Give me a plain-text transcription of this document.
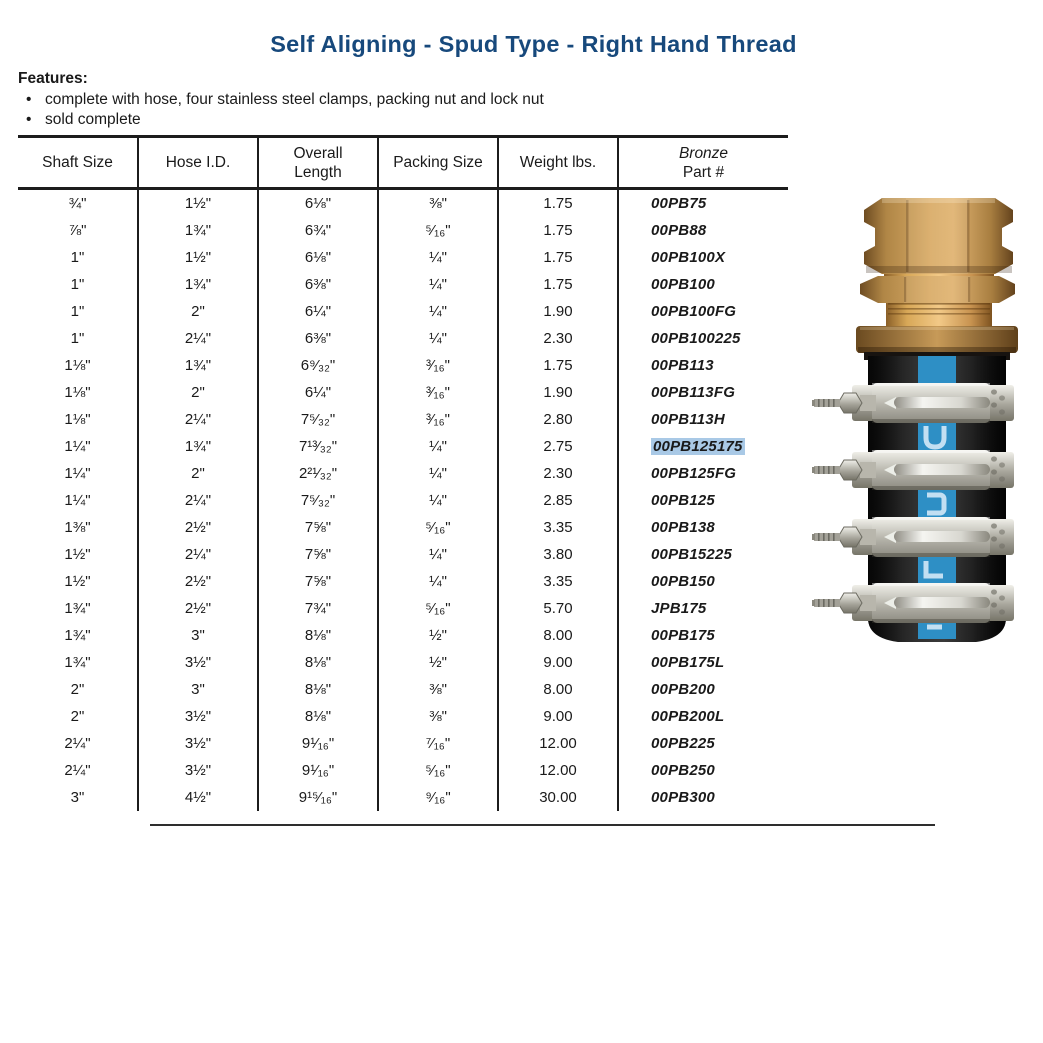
Self Aligning - Spud Type - Right Hand Thread
Features:
• complete with hose, four stainless steel clamps, packing nut and lock nut
• sold complete
Shaft Size	Hose I.D.	Overall
Length	Packing Size	Weight lbs.	Bronze
Part #

¾"	1½"	6⅛"	⅜"	1.75	00PB75
⅞"	1¾"	6¾"	⁵⁄₁₆"	1.75	00PB88
1"	1½"	6⅛"	¼"	1.75	00PB100X
1"	1¾"	6⅜"	¼"	1.75	00PB100
1"	2"	6¼"	¼"	1.90	00PB100FG
1"	2¼"	6⅜"	¼"	2.30	00PB100225
1⅛"	1¾"	6⁹⁄₃₂"	³⁄₁₆"	1.75	00PB113
1⅛"	2"	6¼"	³⁄₁₆"	1.90	00PB113FG
1⅛"	2¼"	7⁵⁄₃₂"	³⁄₁₆"	2.80	00PB113H
1¼"	1¾"	7¹³⁄₃₂"	¼"	2.75	00PB125175
1¼"	2"	2²¹⁄₃₂"	¼"	2.30	00PB125FG
1¼"	2¼"	7⁵⁄₃₂"	¼"	2.85	00PB125
1⅜"	2½"	7⅝"	⁵⁄₁₆"	3.35	00PB138
1½"	2¼"	7⅝"	¼"	3.80	00PB15225
1½"	2½"	7⅝"	¼"	3.35	00PB150
1¾"	2½"	7¾"	⁵⁄₁₆"	5.70	JPB175
1¾"	3"	8⅛"	½"	8.00	00PB175
1¾"	3½"	8⅛"	½"	9.00	00PB175L
2"	3"	8⅛"	⅜"	8.00	00PB200
2"	3½"	8⅛"	⅜"	9.00	00PB200L
2¼"	3½"	9¹⁄₁₆"	⁷⁄₁₆"	12.00	00PB225
2¼"	3½"	9¹⁄₁₆"	⁵⁄₁₆"	12.00	00PB250
3"	4½"	9¹⁵⁄₁₆"	⁹⁄₁₆"	30.00	00PB300
